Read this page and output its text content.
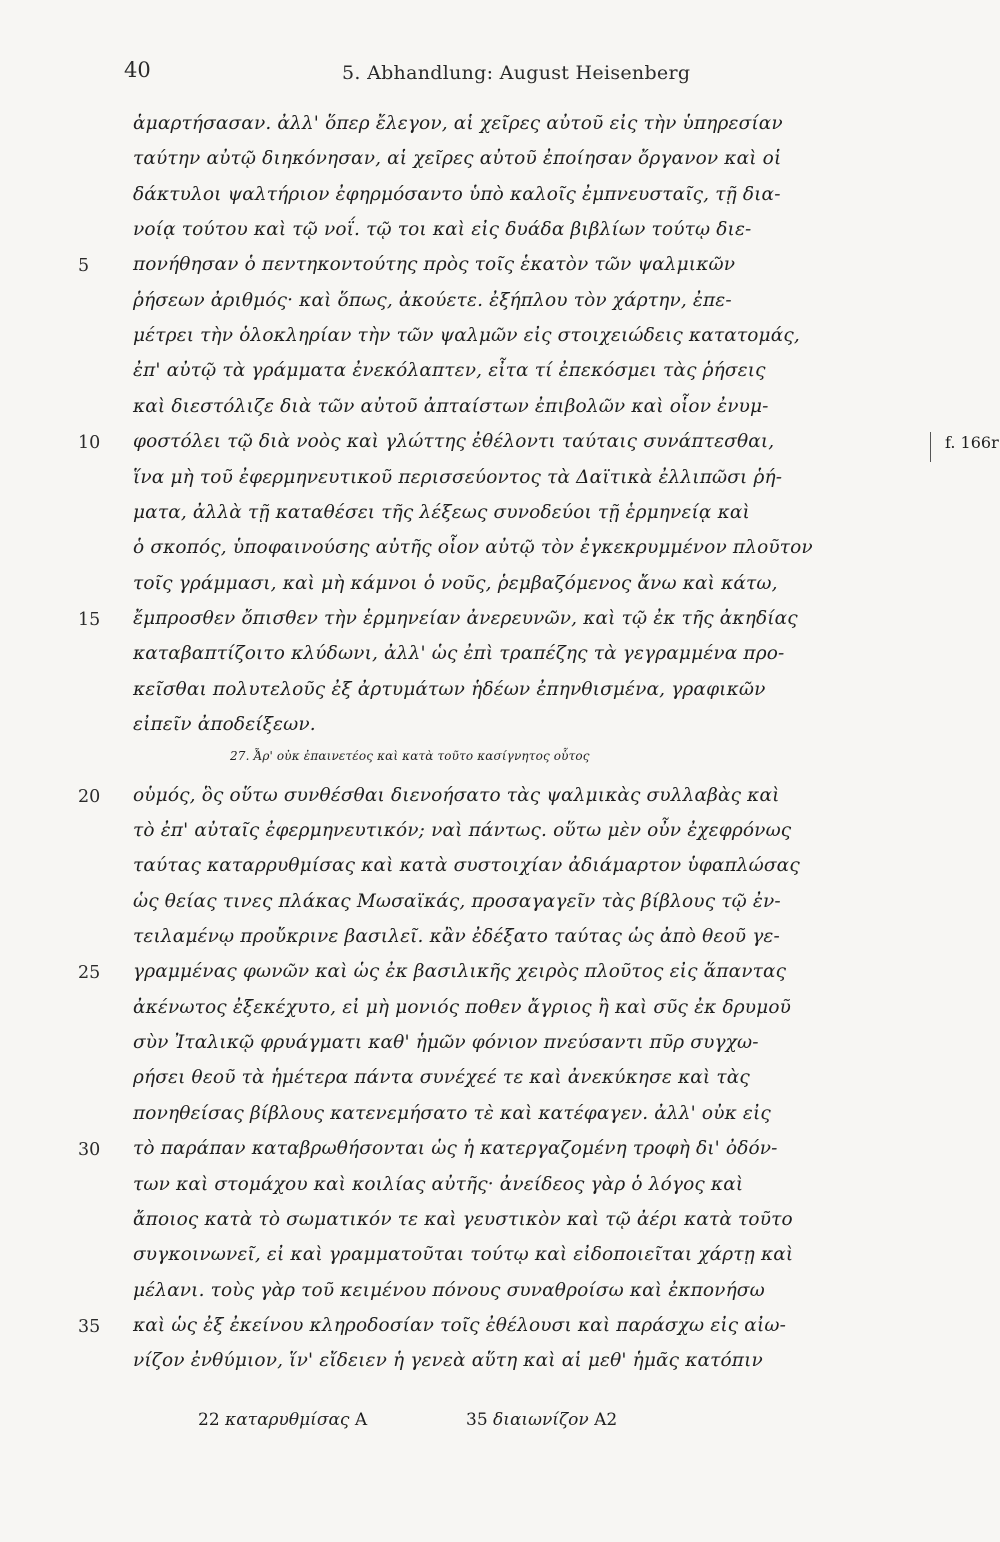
40	5. Abhandlung: August Heisenberg
ἁμαρτήσασαν. ἀλλ' ὅπερ ἔλεγον, αἱ χεῖρες αὐτοῦ εἰς τὴν ὑπηρεσίαν
ταύτην αὐτῷ διηκόνησαν, αἱ χεῖρες αὐτοῦ ἐποίησαν ὄργανον καὶ οἱ
δάκτυλοι ψαλτήριον ἐφηρμόσαντο ὑπὸ καλοῖς ἐμπνευσταῖς, τῇ δια-
νοίᾳ τούτου καὶ τῷ νοΐ. τῷ τοι καὶ εἰς δυάδα βιβλίων τούτῳ διε-
5	πονήθησαν ὁ πεντηκοντούτης πρὸς τοῖς ἑκατὸν τῶν ψαλμικῶν
ῥήσεων ἀριθμός· καὶ ὅπως, ἀκούετε. ἐξήπλου τὸν χάρτην, ἐπε-
μέτρει τὴν ὁλοκληρίαν τὴν τῶν ψαλμῶν εἰς στοιχειώδεις κατατομάς,
ἐπ' αὐτῷ τὰ γράμματα ἐνεκόλαπτεν, εἶτα τί ἐπεκόσμει τὰς ῥήσεις
καὶ διεστόλιζε διὰ τῶν αὐτοῦ ἀπταίστων ἐπιβολῶν καὶ οἷον ἐνυμ-
10	φοστόλει τῷ διὰ νοὸς καὶ γλώττης ἐθέλοντι ταύταις συνάπτεσθαι,	f. 166r
ἵνα μὴ τοῦ ἐφερμηνευτικοῦ περισσεύοντος τὰ Δαϊτικὰ ἐλλιπῶσι ῥή-
ματα, ἀλλὰ τῇ καταθέσει τῆς λέξεως συνοδεύοι τῇ ἑρμηνείᾳ καὶ
ὁ σκοπός, ὑποφαινούσης αὐτῆς οἷον αὐτῷ τὸν ἐγκεκρυμμένον πλοῦτον
τοῖς γράμμασι, καὶ μὴ κάμνοι ὁ νοῦς, ῥεμβαζόμενος ἄνω καὶ κάτω,
15	ἔμπροσθεν ὄπισθεν τὴν ἑρμηνείαν ἀνερευνῶν, καὶ τῷ ἐκ τῆς ἀκηδίας
καταβαπτίζοιτο κλύδωνι, ἀλλ' ὡς ἐπὶ τραπέζης τὰ γεγραμμένα προ-
κεῖσθαι πολυτελοῦς ἐξ ἀρτυμάτων ἡδέων ἐπηνθισμένα, γραφικῶν
εἰπεῖν ἀποδείξεων.
27. Ἆρ' οὐκ ἐπαινετέος καὶ κατὰ τοῦτο κασίγνητος οὗτος
20	οὑμός, ὃς οὕτω συνθέσθαι διενοήσατο τὰς ψαλμικὰς συλλαβὰς καὶ
τὸ ἐπ' αὐταῖς ἐφερμηνευτικόν; ναὶ πάντως. οὕτω μὲν οὖν ἐχεφρόνως
ταύτας καταρρυθμίσας καὶ κατὰ συστοιχίαν ἀδιάμαρτον ὑφαπλώσας
ὡς θείας τινες πλάκας Μωσαϊκάς, προσαγαγεῖν τὰς βίβλους τῷ ἐν-
τειλαμένῳ προὔκρινε βασιλεῖ. κἂν ἐδέξατο ταύτας ὡς ἀπὸ θεοῦ γε-
25	γραμμένας φωνῶν καὶ ὡς ἐκ βασιλικῆς χειρὸς πλοῦτος εἰς ἅπαντας
ἀκένωτος ἐξεκέχυτο, εἰ μὴ μονιός ποθεν ἄγριος ἢ καὶ σῦς ἐκ δρυμοῦ
σὺν Ἰταλικῷ φρυάγματι καθ' ἡμῶν φόνιον πνεύσαντι πῦρ συγχω-
ρήσει θεοῦ τὰ ἡμέτερα πάντα συνέχεέ τε καὶ ἀνεκύκησε καὶ τὰς
πονηθείσας βίβλους κατενεμήσατο τὲ καὶ κατέφαγεν. ἀλλ' οὐκ εἰς
30	τὸ παράπαν καταβρωθήσονται ὡς ἡ κατεργαζομένη τροφὴ δι' ὀδόν-
των καὶ στομάχου καὶ κοιλίας αὐτῆς· ἀνείδεος γὰρ ὁ λόγος καὶ
ἄποιος κατὰ τὸ σωματικόν τε καὶ γευστικὸν καὶ τῷ ἀέρι κατὰ τοῦτο
συγκοινωνεῖ, εἰ καὶ γραμματοῦται τούτῳ καὶ εἰδοποιεῖται χάρτῃ καὶ
μέλανι. τοὺς γὰρ τοῦ κειμένου πόνους συναθροίσω καὶ ἐκπονήσω
35	καὶ ὡς ἐξ ἐκείνου κληροδοσίαν τοῖς ἐθέλουσι καὶ παράσχω εἰς αἰω-
νίζον ἐνθύμιον, ἵν' εἴδειεν ἡ γενεὰ αὕτη καὶ αἱ μεθ' ἡμᾶς κατόπιν
22 καταρυθμίσας A	35 διαιωνίζον A2
